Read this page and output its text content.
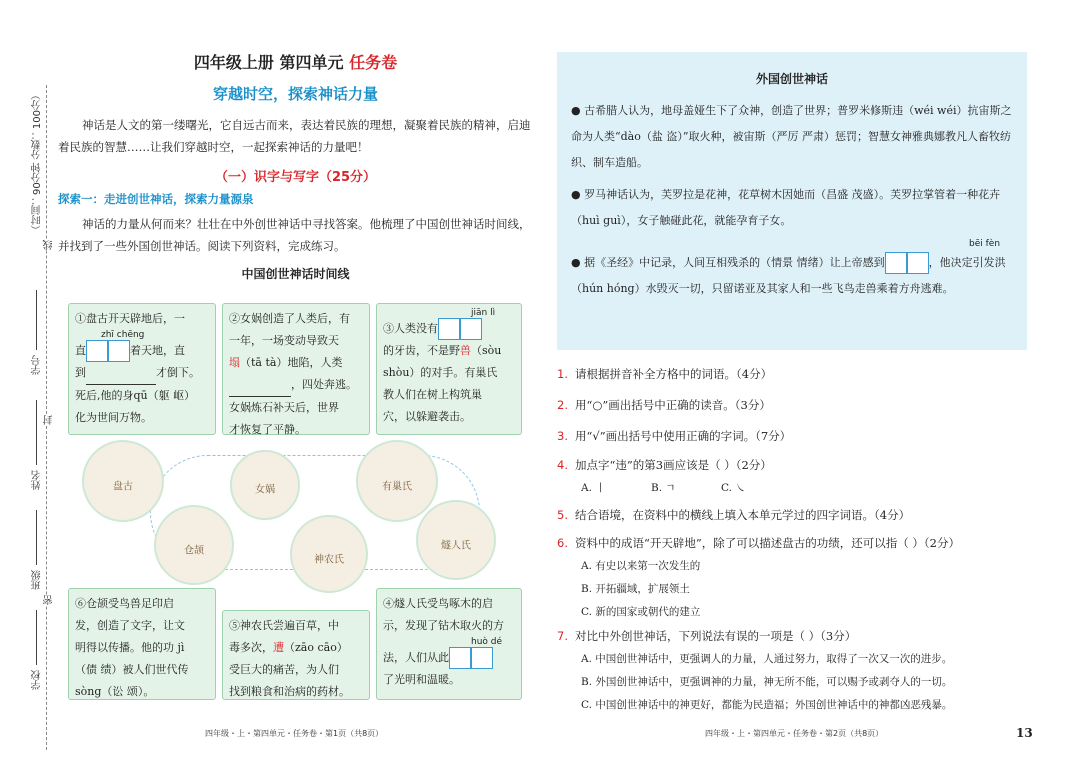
（时间：90分钟 分数：100分）
学号
姓名
班级
学校
线
封
密
四年级上册 第四单元 任务卷
穿越时空，探索神话力量
神话是人文的第一缕曙光，它自远古而来，表达着民族的理想，凝聚着民族的精神，启迪着民族的智慧……让我们穿越时空，一起探索神话的力量吧！
（一）识字与写字（25分）
探索一：走进创世神话，探索力量源泉
神话的力量从何而来？壮壮在中外创世神话中寻找答案。他梳理了中国创世神话时间线，并找到了一些外国创世神话。阅读下列资料，完成练习。
中国创世神话时间线
①盘古开天辟地后，一
zhī chēng
直	着天地，直
到	才倒下。
死后,他的身qū（躯 岖）
化为世间万物。
②女娲创造了人类后，有
一年，一场变动导致天
塌（tā tà）地陷，人类
，四处奔逃。
女娲炼石补天后，世界
才恢复了平静。
jiān lì
③人类没有
的牙齿，不是野兽（sòu
shòu）的对手。有巢氏
教人们在树上构筑巢
穴，以躲避袭击。
盘古	女娲	有巢氏
仓颉
神农氏
燧人氏
⑥仓颉受鸟兽足印启
发，创造了文字，让文
明得以传播。他的功 jì
（债 绩）被人们世代传
sòng（讼 颂）。
⑤神农氏尝遍百草，中
毒多次，遭（zāo cāo）
受巨大的痛苦，为人们
找到粮食和治病的药材。
④燧人氏受鸟啄木的启
示，发现了钻木取火的方
huò dé
法，人们从此
了光明和温暖。
外国创世神话
● 古希腊人认为，地母盖娅生下了众神，创造了世界；普罗米修斯违（wéi wéi）抗宙斯之命为人类“dào（盐 盗）”取火种，被宙斯（严厉 严肃）惩罚；智慧女神雅典娜教凡人畜牧纺织、制车造船。
● 罗马神话认为，芙罗拉是花神，花草树木因她而（昌盛 茂盛）。芙罗拉掌管着一种花卉（huì guì），女子触碰此花，就能孕育子女。
bēi fèn
● 据《圣经》中记录，人间互相残杀的（情景 情绪）让上帝感到	，他决定引发洪（hún hóng）水毁灭一切，只留诺亚及其家人和一些飞鸟走兽乘着方舟逃难。
1. 请根据拼音补全方格中的词语。（4分）
2. 用“○”画出括号中正确的读音。（3分）
3. 用“√”画出括号中使用正确的字词。（7分）
4. 加点字“违”的第3画应该是（ ）（2分）
A. 丨	B. ㄱ	C. ㇏
5. 结合语境，在资料中的横线上填入本单元学过的四字词语。（4分）
6. 资料中的成语“开天辟地”，除了可以描述盘古的功绩，还可以指（ ）（2分）
A. 有史以来第一次发生的
B. 开拓疆域，扩展领土
C. 新的国家或朝代的建立
7. 对比中外创世神话，下列说法有误的一项是（ ）（3分）
A. 中国创世神话中，更强调人的力量，人通过努力，取得了一次又一次的进步。
B. 外国创世神话中，更强调神的力量，神无所不能，可以赐予或剥夺人的一切。
C. 中国创世神话中的神更好，都能为民造福；外国创世神话中的神都凶恶残暴。
四年级・上・第四单元・任务卷・第1页（共8页）	四年级・上・第四单元・任务卷・第2页（共8页）	13
